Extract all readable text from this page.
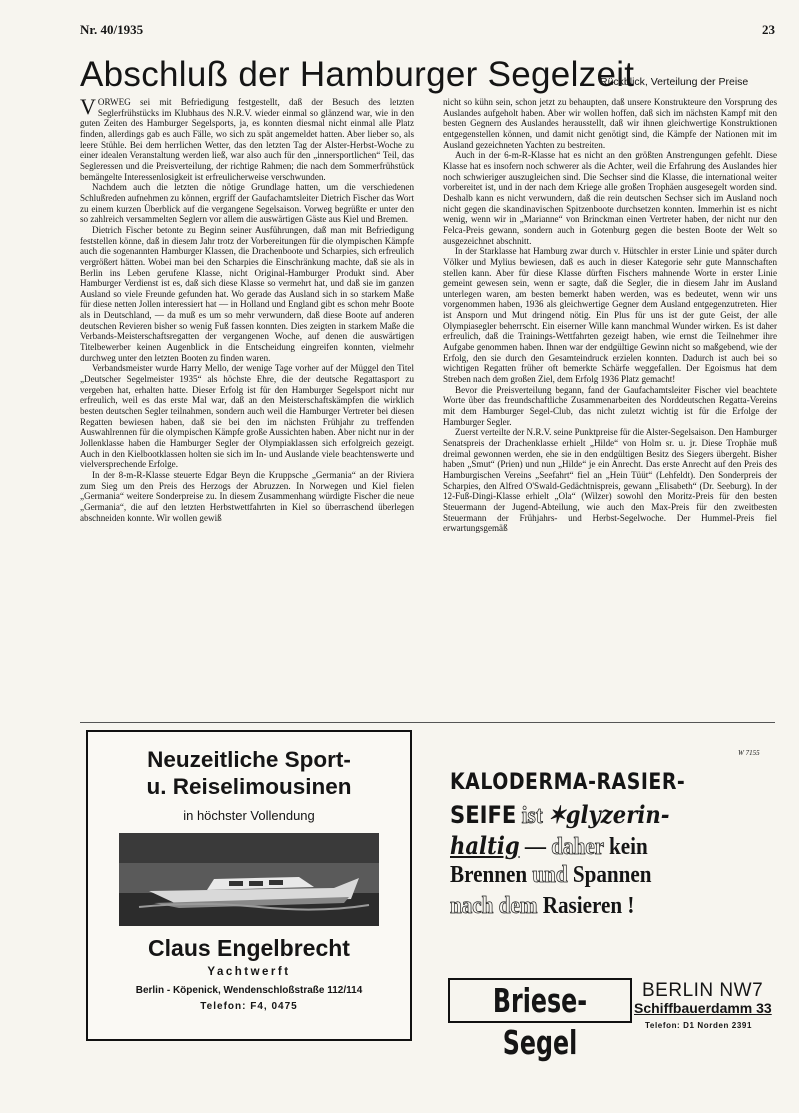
Nr. 40/1935	23
Abschluß der Hamburger Segelzeit
Rückblick, Verteilung der Preise

VORWEG sei mit Befriedigung festgestellt, daß der Besuch des letzten Seglerfrühstücks im Klubhaus des N.R.V. wieder einmal so glänzend war, wie in den guten Zeiten des Hamburger Segelsports, ja, es konnten diesmal nicht einmal alle Platz finden, allerdings gab es auch Fälle, wo sich zu spät angemeldet hatten. Aber lieber so, als leere Stühle. Bei dem herrlichen Wetter, das den letzten Tag der Alster-Herbst-Woche zu einer idealen Veranstaltung werden ließ, war also auch für den „innersportlichen“ Teil, das Segleressen und die Preisverteilung, der richtige Rahmen; die nach dem Sommerfrühstück bemängelte Interessenlosigkeit ist erfreulicherweise verschwunden.

Nachdem auch die letzten die nötige Grundlage hatten, um die verschiedenen Schlußreden aufnehmen zu können, ergriff der Gaufachamtsleiter Dietrich Fischer das Wort zu einem kurzen Überblick auf die vergangene Segelsaison. Vorweg begrüßte er unter den so zahlreich versammelten Seglern vor allem die auswärtigen Gäste aus Kiel und Bremen.

Dietrich Fischer betonte zu Beginn seiner Ausführungen, daß man mit Befriedigung feststellen könne, daß in diesem Jahr trotz der Vorbereitungen für die olympischen Kämpfe auch die sogenannten Hamburger Klassen, die Drachenboote und Scharpies, sich erfreulich vergrößert hätten. Wobei man bei den Scharpies die Einschränkung machte, daß sie als in Berlin ins Leben gerufene Klasse, nicht Original-Hamburger Produkt sind. Aber Hamburger Verdienst ist es, daß sich diese Klasse so vermehrt hat, und daß sie im ganzen Ausland so viele Freunde gefunden hat. Wo gerade das Ausland sich in so starkem Maße für diese netten Jollen interessiert hat — in Holland und England gibt es schon mehr Boote als in Deutschland, — da muß es um so mehr verwundern, daß diese Boote auf anderen deutschen Revieren bisher so wenig Fuß fassen konnten. Dies zeigten in starkem Maße die Verbands-Meisterschaftsregatten der vergangenen Woche, auf denen die auswärtigen Titelbewerber keinen Augenblick in die Entscheidung eingreifen konnten, vielmehr durchweg unter den letzten Booten zu finden waren.

Verbandsmeister wurde Harry Mello, der wenige Tage vorher auf der Müggel den Titel „Deutscher Segelmeister 1935“ als höchste Ehre, die der deutsche Regattasport zu vergeben hat, erhalten hatte. Dieser Erfolg ist für den Hamburger Segelsport nicht nur erfreulich, weil es das erste Mal war, daß an den Meisterschaftskämpfen die wirklich besten deutschen Segler teilnahmen, sondern auch weil die Hamburger Vertreter bei diesen Regatten bewiesen haben, daß sie bei den im nächsten Frühjahr zu treffenden Auswahlrennen für die olympischen Kämpfe große Aussichten haben. Aber nicht nur in der Jollenklasse haben die Hamburger Segler der Olympiaklassen sich erfolgreich gezeigt. Auch in den Kielbootklassen holten sie sich im In- und Auslande viele beachtenswerte und vielversprechende Erfolge.

In der 8-m-R-Klasse steuerte Edgar Beyn die Kruppsche „Germania“ an der Riviera zum Sieg um den Preis des Herzogs der Abruzzen. In Norwegen und Kiel fielen „Germania“ weitere Sonderpreise zu. In diesem Zusammenhang würdigte Fischer die neue „Germania“, die auf den letzten Herbstwettfahrten in Kiel so überraschend überlegen abschneiden konnte. Wir wollen gewiß

nicht so kühn sein, schon jetzt zu behaupten, daß unsere Konstrukteure den Vorsprung des Auslandes aufgeholt haben. Aber wir wollen hoffen, daß sich im nächsten Kampf mit den besten Gegnern des Auslandes herausstellt, daß wir ihnen gleichwertige Konstruktionen entgegenstellen können, und damit nicht genötigt sind, die Kämpfe der Nationen mit im Ausland gezeichneten Yachten zu bestreiten.

Auch in der 6-m-R-Klasse hat es nicht an den größten Anstrengungen gefehlt. Diese Klasse hat es insofern noch schwerer als die Achter, weil die Erfahrung des Auslandes hier noch schwieriger auszugleichen sind. Die Sechser sind die Klasse, die international weiter vorbereitet ist, und in der nach dem Kriege alle großen Trophäen ausgesegelt worden sind. Deshalb kann es nicht verwundern, daß die rein deutschen Sechser sich im Ausland noch nicht gegen die skandinavischen Spitzenboote durchsetzen konnten. Immerhin ist es nicht wenig, wenn wir in „Marianne“ von Brinckman einen Vertreter haben, der nicht nur den Felca-Preis gewann, sondern auch in Gotenburg gegen die besten Boote der Welt so ausgezeichnet abschnitt.

In der Starklasse hat Hamburg zwar durch v. Hütschler in erster Linie und später durch Völker und Mylius bewiesen, daß es auch in dieser Kategorie sehr gute Mannschaften stellen kann. Aber für diese Klasse dürften Fischers mahnende Worte in erster Linie gemeint gewesen sein, wenn er sagte, daß die Segler, die in diesem Jahr im Ausland unterlegen waren, am besten bemerkt haben werden, was es bedeutet, wenn wir uns vorgenommen haben, 1936 als gleichwertige Gegner dem Ausland entgegenzutreten. Hier ist Ansporn und Mut dringend nötig. Ein Plus für uns ist der gute Geist, der alle Olympiasegler beherrscht. Ein eiserner Wille kann manchmal Wunder wirken. Es ist daher erfreulich, daß die Trainings-Wettfahrten gezeigt haben, wie ernst die Teilnehmer ihre Aufgabe genommen haben. Ihnen war der endgültige Gewinn nicht so maßgebend, wie der Erfolg, den sie durch den Gesamteindruck erzielen konnten. Dadurch ist auch bei so wichtigen Regatten früher oft bemerkte Schärfe weggefallen. Der Egoismus hat dem Streben nach dem großen Ziel, dem Erfolg 1936 Platz gemacht!

Bevor die Preisverteilung begann, fand der Gaufachamtsleiter Fischer viel beachtete Worte über das freundschaftliche Zusammenarbeiten des Norddeutschen Regatta-Vereins mit dem Hamburger Segel-Club, das nicht zuletzt wichtig ist für die Erfolge der Hamburger Segler.

Zuerst verteilte der N.R.V. seine Punktpreise für die Alster-Segelsaison. Den Hamburger Senatspreis der Drachenklasse erhielt „Hilde“ von Holm sr. u. jr. Diese Trophäe muß dreimal gewonnen werden, ehe sie in den endgültigen Besitz des Siegers übergeht. Bisher haben „Smut“ (Prien) und nun „Hilde“ je ein Anrecht. Das erste Anrecht auf den Preis des Hamburgischen Vereins „Seefahrt“ fiel an „Hein Tüüt“ (Lehfeldt). Den Sonderpreis der Scharpies, den Alfred O'Swald-Gedächtnispreis, gewann „Elisabeth“ (Dr. Seeburg). In der 12-Fuß-Dingi-Klasse erhielt „Ola“ (Wilzer) sowohl den Moritz-Preis für den besten Steuermann der Jugend-Abteilung, wie auch den Max-Preis für den zweitbesten Steuermann der Frühjahrs- und Herbst-Segelwoche. Der Hummel-Preis fiel erwartungsgemäß

Neuzeitliche Sport-
u. Reiselimousinen
in höchster Vollendung
Claus Engelbrecht
Yachtwerft
Berlin - Köpenick, Wendenschloßstraße 112/114
Telefon: F4, 0475
W 7155
KALODERMA-RASIER-
SEIFE ist ✶glyzerin-
haltig — daher kein
Brennen und Spannen
nach dem Rasieren !
Briese-Segel
BERLIN NW7
Schiffbauerdamm 33
Telefon: D1 Norden 2391
